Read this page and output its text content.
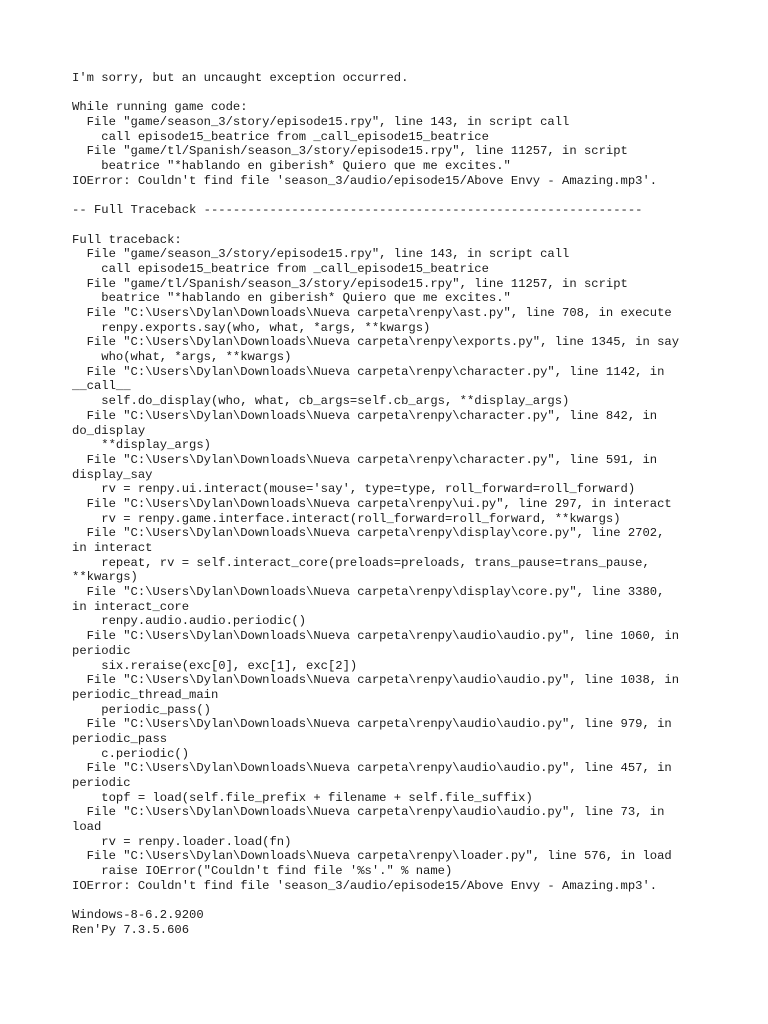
I'm sorry, but an uncaught exception occurred.
While running game code:
File "game/season_3/story/episode15.rpy", line 143, in script call
call episode15_beatrice from _call_episode15_beatrice
File "game/tl/Spanish/season_3/story/episode15.rpy", line 11257, in script
beatrice "*hablando en giberish* Quiero que me excites."
IOError: Couldn't find file 'season_3/audio/episode15/Above Envy - Amazing.mp3'.
-- Full Traceback ------------------------------------------------------------
Full traceback:
File "game/season_3/story/episode15.rpy", line 143, in script call
call episode15_beatrice from _call_episode15_beatrice
File "game/tl/Spanish/season_3/story/episode15.rpy", line 11257, in script
beatrice "*hablando en giberish* Quiero que me excites."
File "C:\Users\Dylan\Downloads\Nueva carpeta\renpy\ast.py", line 708, in execute
renpy.exports.say(who, what, *args, **kwargs)
File "C:\Users\Dylan\Downloads\Nueva carpeta\renpy\exports.py", line 1345, in say
who(what, *args, **kwargs)
File "C:\Users\Dylan\Downloads\Nueva carpeta\renpy\character.py", line 1142, in
__call__
self.do_display(who, what, cb_args=self.cb_args, **display_args)
File "C:\Users\Dylan\Downloads\Nueva carpeta\renpy\character.py", line 842, in
do_display
**display_args)
File "C:\Users\Dylan\Downloads\Nueva carpeta\renpy\character.py", line 591, in
display_say
rv = renpy.ui.interact(mouse='say', type=type, roll_forward=roll_forward)
File "C:\Users\Dylan\Downloads\Nueva carpeta\renpy\ui.py", line 297, in interact
rv = renpy.game.interface.interact(roll_forward=roll_forward, **kwargs)
File "C:\Users\Dylan\Downloads\Nueva carpeta\renpy\display\core.py", line 2702,
in interact
repeat, rv = self.interact_core(preloads=preloads, trans_pause=trans_pause,
**kwargs)
File "C:\Users\Dylan\Downloads\Nueva carpeta\renpy\display\core.py", line 3380,
in interact_core
renpy.audio.audio.periodic()
File "C:\Users\Dylan\Downloads\Nueva carpeta\renpy\audio\audio.py", line 1060, in
periodic
six.reraise(exc[0], exc[1], exc[2])
File "C:\Users\Dylan\Downloads\Nueva carpeta\renpy\audio\audio.py", line 1038, in
periodic_thread_main
periodic_pass()
File "C:\Users\Dylan\Downloads\Nueva carpeta\renpy\audio\audio.py", line 979, in
periodic_pass
c.periodic()
File "C:\Users\Dylan\Downloads\Nueva carpeta\renpy\audio\audio.py", line 457, in
periodic
topf = load(self.file_prefix + filename + self.file_suffix)
File "C:\Users\Dylan\Downloads\Nueva carpeta\renpy\audio\audio.py", line 73, in
load
rv = renpy.loader.load(fn)
File "C:\Users\Dylan\Downloads\Nueva carpeta\renpy\loader.py", line 576, in load
raise IOError("Couldn't find file '%s'." % name)
IOError: Couldn't find file 'season_3/audio/episode15/Above Envy - Amazing.mp3'.
Windows-8-6.2.9200
Ren'Py 7.3.5.606
